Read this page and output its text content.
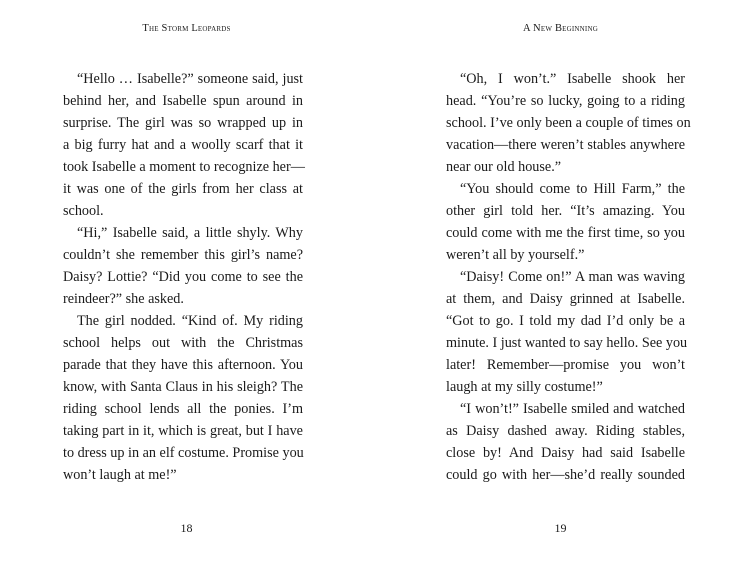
The Storm Leopards
“Hello … Isabelle?” someone said, just
behind her, and Isabelle spun around in
surprise. The girl was so wrapped up in
a big furry hat and a woolly scarf that it
took Isabelle a moment to recognize her—
it was one of the girls from her class at
school.
“Hi,” Isabelle said, a little shyly. Why
couldn’t she remember this girl’s name?
Daisy? Lottie? “Did you come to see the
reindeer?” she asked.
The girl nodded. “Kind of. My riding
school helps out with the Christmas
parade that they have this afternoon. You
know, with Santa Claus in his sleigh? The
riding school lends all the ponies. I’m
taking part in it, which is great, but I have
to dress up in an elf costume. Promise you
won’t laugh at me!”
18
A New Beginning
“Oh, I won’t.” Isabelle shook her
head. “You’re so lucky, going to a riding
school. I’ve only been a couple of times on
vacation—there weren’t stables anywhere
near our old house.”
“You should come to Hill Farm,” the
other girl told her. “It’s amazing. You
could come with me the first time, so you
weren’t all by yourself.”
“Daisy! Come on!” A man was waving
at them, and Daisy grinned at Isabelle.
“Got to go. I told my dad I’d only be a
minute. I just wanted to say hello. See you
later! Remember—promise you won’t
laugh at my silly costume!”
“I won’t!” Isabelle smiled and watched
as Daisy dashed away. Riding stables,
close by! And Daisy had said Isabelle
could go with her—she’d really sounded
19
